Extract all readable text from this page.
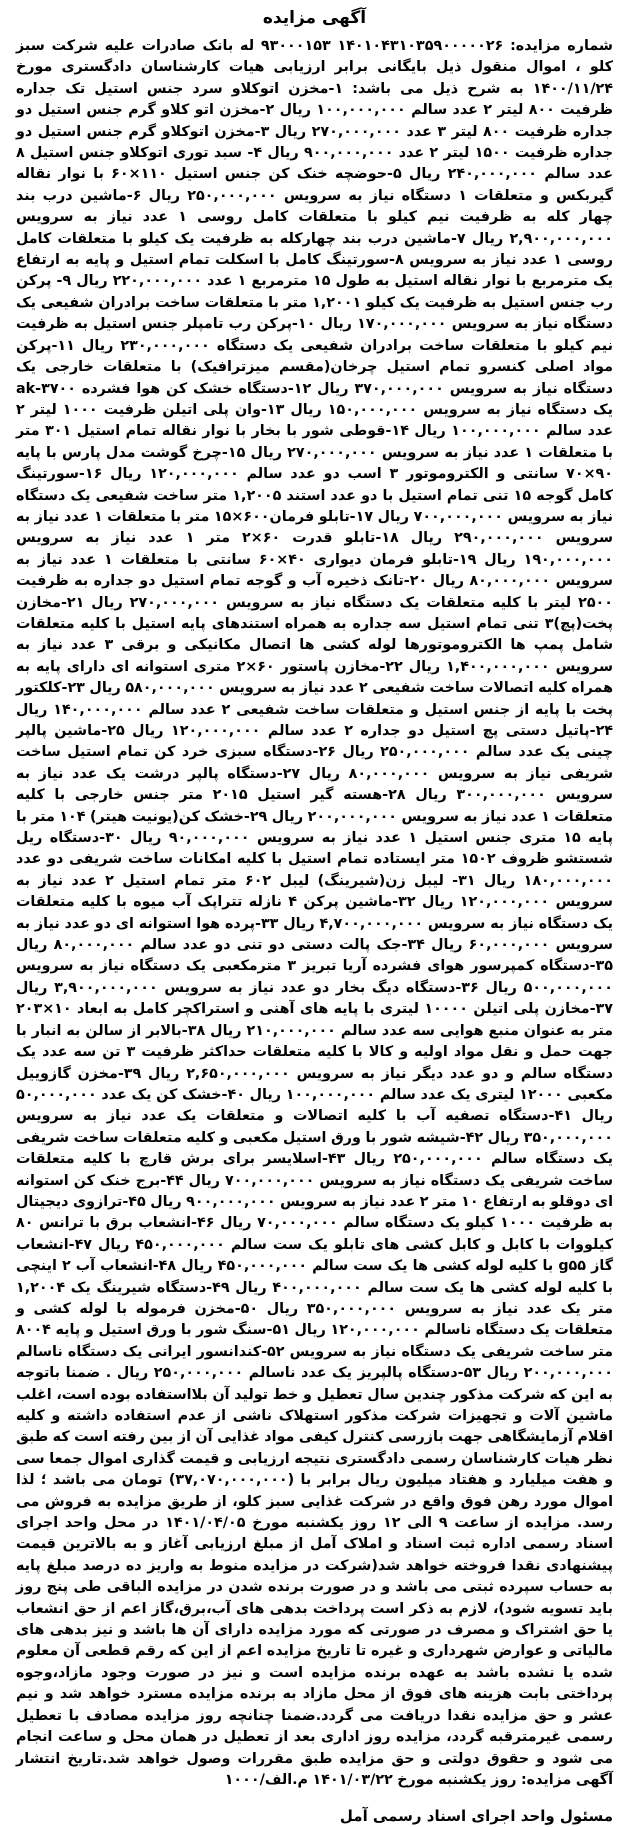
آگهی مزایده

شماره مزایده: ۱۴۰۱۰۴۳۱۰۳۵۹۰۰۰۰۰۲۶ ۹۳۰۰۰۱۵۳ له بانک صادرات علیه شرکت سبز کلو ، اموال منقول ذیل بایگانی برابر ارزیابی هیات کارشناسان دادگستری مورخ ۱۴۰۰/۱۱/۲۴ به شرح ذیل می باشد: ۱-مخزن اتوکلاو سرد جنس استیل تک جداره ظرفیت ۸۰۰ لیتر ۲ عدد سالم ۱۰۰,۰۰۰,۰۰۰ ریال ۲-مخزن اتو کلاو گرم جنس استیل دو جداره ظرفیت ۸۰۰ لیتر ۳ عدد ۲۷۰,۰۰۰,۰۰۰ ریال ۳-مخزن اتوکلاو گرم جنس استیل دو جداره ظرفیت ۱۵۰۰ لیتر ۲ عدد ۹۰۰,۰۰۰,۰۰۰ ریال ۴- سبد توری اتوکلاو جنس استیل ۸ عدد سالم ۲۴۰,۰۰۰,۰۰۰ ریال ۵-حوضچه خنک کن جنس استیل ۱۱۰×۶۰ با نوار نقاله گیربکس و متعلقات ۱ دستگاه نیاز به سرویس ۲۵۰,۰۰۰,۰۰۰ ریال ۶-ماشین درب بند چهار کله به ظرفیت نیم کیلو با متعلقات کامل روسی ۱ عدد نیاز به سرویس ۲,۹۰۰,۰۰۰,۰۰۰ ریال ۷-ماشین درب بند چهارکله به ظرفیت یک کیلو با متعلقات کامل روسی ۱ عدد نیاز به سرویس ۸-سورتینگ کامل با اسکلت تمام استیل و پایه به ارتفاع یک مترمربع با نوار نقاله استیل به طول ۱۵ مترمربع ۱ عدد ۲۲۰,۰۰۰,۰۰۰ ریال ۹- پرکن رب جنس استیل به ظرفیت یک کیلو ۱,۲۰۰۱ متر با متعلقات ساخت برادران شفیعی یک دستگاه نیاز به سرویس ۱۷۰,۰۰۰,۰۰۰ ریال ۱۰-پرکن رب تامپلر جنس استیل به ظرفیت نیم کیلو با متعلقات ساخت برادران شفیعی یک دستگاه ۲۳۰,۰۰۰,۰۰۰ ریال ۱۱-پرکن مواد اصلی کنسرو تمام استیل چرخان(مقسم میزترافیک) با متعلقات خارجی یک دستگاه نیاز به سرویس ۳۷۰,۰۰۰,۰۰۰ ریال ۱۲-دستگاه خشک کن هوا فشرده ۳۷۰۰-ak یک دستگاه نیاز به سرویس ۱۵۰,۰۰۰,۰۰۰ ریال ۱۳-وان پلی اتیلن ظرفیت ۱۰۰۰ لیتر ۲ عدد سالم ۱۰۰,۰۰۰,۰۰۰ ریال ۱۴-قوطی شور با بخار با نوار نقاله تمام استیل ۳۰۱ متر با متعلقات ۱ عدد نیاز به سرویس ۲۷۰,۰۰۰,۰۰۰ ریال ۱۵-چرخ گوشت مدل پارس با پایه ۹۰×۷۰ سانتی و الکتروموتور ۳ اسب دو عدد سالم ۱۲۰,۰۰۰,۰۰۰ ریال ۱۶-سورتینگ کامل گوجه ۱۵ تنی تمام استیل با دو عدد استند ۱,۲۰۰۵ متر ساخت شفیعی یک دستگاه نیاز به سرویس ۷۰۰,۰۰۰,۰۰۰ ریال ۱۷-تابلو فرمان۶۰۰×۱۵ متر با متعلقات ۱ عدد نیاز به سرویس ۲۹۰,۰۰۰,۰۰۰ ریال ۱۸-تابلو قدرت ۶۰×۲ متر ۱ عدد نیاز به سرویس ۱۹۰,۰۰۰,۰۰۰ ریال ۱۹-تابلو فرمان دیواری ۴۰×۶۰ سانتی با متعلقات ۱ عدد نیاز به سرویس ۸۰,۰۰۰,۰۰۰ ریال ۲۰-تانک ذخیره آب و گوجه تمام استیل دو جداره به ظرفیت ۲۵۰۰ لیتر با کلیه متعلقات یک دستگاه نیاز به سرویس ۲۷۰,۰۰۰,۰۰۰ ریال ۲۱-مخازن پخت(پچ)۳ تنی تمام استیل سه جداره به همراه استندهای پایه استیل با کلیه متعلقات شامل پمپ ها الکتروموتورها لوله کشی ها اتصال مکانیکی و برقی ۳ عدد نیاز به سرویس ۱,۴۰۰,۰۰۰,۰۰۰ ریال ۲۲-مخازن پاستور ۶۰×۲ متری استوانه ای دارای پایه به همراه کلیه اتصالات ساخت شفیعی ۲ عدد نیاز به سرویس ۵۸۰,۰۰۰,۰۰۰ ریال ۲۳-کلکتور پخت با پایه از جنس استیل و متعلقات ساخت شفیعی ۲ عدد سالم ۱۴۰,۰۰۰,۰۰۰ ریال ۲۴-پاتیل دستی پچ استیل دو جداره ۲ عدد سالم ۱۲۰,۰۰۰,۰۰۰ ریال ۲۵-ماشین پالپر چینی یک عدد سالم ۲۵۰,۰۰۰,۰۰۰ ریال ۲۶-دستگاه سبزی خرد کن تمام استیل ساخت شریفی نیاز به سرویس ۸۰,۰۰۰,۰۰۰ ریال ۲۷-دستگاه پالپر درشت یک عدد نیاز به سرویس ۳۰۰,۰۰۰,۰۰۰ ریال ۲۸-هسته گیر استیل ۲۰۱۵ متر جنس خارجی با کلیه متعلقات ۱ عدد نیاز به سرویس ۲۰۰,۰۰۰,۰۰۰ ریال ۲۹-خشک کن(یونیت هیتر) ۱۰۴ متر با پایه ۱۵ متری جنس استیل ۱ عدد نیاز به سرویس ۹۰,۰۰۰,۰۰۰ ریال ۳۰-دستگاه ریل شستشو ظروف ۱۵۰۲ متر ایستاده تمام استیل با کلیه امکانات ساخت شریفی دو عدد ۱۸۰,۰۰۰,۰۰۰ ریال ۳۱- لیبل زن(شیرینگ) لیبل ۶۰۲ متر تمام استیل ۲ عدد نیاز به سرویس ۱۲۰,۰۰۰,۰۰۰ ریال ۳۲-ماشین پرکن ۴ نازله تتراپک آب میوه با کلیه متعلقات یک دستگاه نیاز به سرویس ۴,۷۰۰,۰۰۰,۰۰۰ ریال ۳۳-پرده هوا استوانه ای دو عدد نیاز به سرویس ۶۰,۰۰۰,۰۰۰ ریال ۳۴-جک پالت دستی دو تنی دو عدد سالم ۸۰,۰۰۰,۰۰۰ ریال ۳۵-دستگاه کمپرسور هوای فشرده آریا تبریز ۳ مترمکعبی یک دستگاه نیاز به سرویس ۵۰۰,۰۰۰,۰۰۰ ریال ۳۶-دستگاه دیگ بخار دو عدد نیاز به سرویس ۳,۹۰۰,۰۰۰,۰۰۰ ریال ۳۷-مخازن پلی اتیلن ۱۰۰۰۰ لیتری با پایه های آهنی و استراکچر کامل به ابعاد ۱۰×۲۰۳ متر به عنوان منبع هوایی سه عدد سالم ۲۱۰,۰۰۰,۰۰۰ ریال ۳۸-بالابر از سالن به انبار با جهت حمل و نقل مواد اولیه و کالا با کلیه متعلقات حداکثر ظرفیت ۳ تن سه عدد یک دستگاه سالم و دو عدد دیگر نیاز به سرویس ۲,۶۵۰,۰۰۰,۰۰۰ ریال ۳۹-مخزن گازوییل مکعبی ۱۲۰۰۰ لیتری یک عدد سالم ۱۰۰,۰۰۰,۰۰۰ ریال ۴۰-خشک کن یک عدد ۵۰,۰۰۰,۰۰۰ ریال ۴۱-دستگاه تصفیه آب با کلیه اتصالات و متعلقات یک عدد نیاز به سرویس ۳۵۰,۰۰۰,۰۰۰ ریال ۴۲-شیشه شور با ورق استیل مکعبی و کلیه متعلقات ساخت شریفی یک دستگاه سالم ۲۵۰,۰۰۰,۰۰۰ ریال ۴۳-اسلایسر برای برش قارچ با کلیه متعلقات ساخت شریفی یک دستگاه نیاز به سرویس ۷۰۰,۰۰۰,۰۰۰ ریال ۴۴-برج خنک کن استوانه ای دوقلو به ارتفاع ۱۰ متر ۲ عدد نیاز به سرویس ۹۰۰,۰۰۰,۰۰۰ ریال ۴۵-ترازوی دیجیتال به ظرفیت ۱۰۰۰ کیلو یک دستگاه سالم ۷۰,۰۰۰,۰۰۰ ریال ۴۶-انشعاب برق با ترانس ۸۰ کیلووات با کابل و کابل کشی های تابلو یک ست سالم ۴۵۰,۰۰۰,۰۰۰ ریال ۴۷-انشعاب گاز g۵۵ با کلیه لوله کشی ها یک ست سالم ۴۵۰,۰۰۰,۰۰۰ ریال ۴۸-انشعاب آب ۲ اینچی با کلیه لوله کشی ها یک ست سالم ۴۰۰,۰۰۰,۰۰۰ ریال ۴۹-دستگاه شیرینگ یک ۱,۲۰۰۴ متر یک عدد نیاز به سرویس ۳۵۰,۰۰۰,۰۰۰ ریال ۵۰-مخزن فرموله با لوله کشی و متعلقات یک دستگاه ناسالم ۱۲۰,۰۰۰,۰۰۰ ریال ۵۱-سنگ شور با ورق استیل و پایه ۸۰۰۴ متر ساخت شریفی یک دستگاه نیاز به سرویس ۵۲-کندانسور ایرانی یک دستگاه ناسالم ۲۰۰,۰۰۰,۰۰۰ ریال ۵۳-دستگاه پالپریز یک عدد ناسالم ۲۵۰,۰۰۰,۰۰۰ ریال . ضمنا باتوجه به این که شرکت مذکور چندین سال تعطیل و خط تولید آن بلااستفاده بوده است، اغلب ماشین آلات و تجهیزات شرکت مذکور استهلاک ناشی از عدم استفاده داشته و کلیه اقلام آزمایشگاهی جهت بازرسی کنترل کیفی مواد غذایی آن از بین رفته است که طبق نظر هیات کارشناسان رسمی دادگستری نتیجه ارزیابی و قیمت گذاری اموال جمعا سی و هفت میلیارد و هفتاد میلیون ریال برابر با (۳۷,۰۷۰,۰۰۰,۰۰۰) تومان می باشد ؛ لذا اموال مورد رهن فوق واقع در شرکت غذایی سبز کلو، از طریق مزایده به فروش می رسد. مزایده از ساعت ۹ الی ۱۲ روز یکشنبه مورخ ۱۴۰۱/۰۴/۰۵ در محل واحد اجرای اسناد رسمی اداره ثبت اسناد و املاک آمل از مبلغ ارزیابی آغاز و به بالاترین قیمت پیشنهادی نقدا فروخته خواهد شد(شرکت در مزایده منوط به واریز ده درصد مبلغ پایه به حساب سپرده ثبتی می باشد و در صورت برنده شدن در مزایده الباقی طی پنج روز باید تسویه شود)، لازم به ذکر است پرداخت بدهی های آب،برق،گاز اعم از حق انشعاب یا حق اشتراک و مصرف در صورتی که مورد مزایده دارای آن ها باشد و نیز بدهی های مالیاتی و عوارض شهرداری و غیره تا تاریخ مزایده اعم از این که رقم قطعی آن معلوم شده یا نشده باشد به عهده برنده مزایده است و نیز در صورت وجود مازاد،وجوه پرداختی بابت هزینه های فوق از محل مازاد به برنده مزایده مسترد خواهد شد و نیم عشر و حق مزایده نقدا دریافت می گردد.ضمنا چنانچه روز مزایده مصادف با تعطیل رسمی غیرمترقبه گردد، مزایده روز اداری بعد از تعطیل در همان محل و ساعت انجام می شود و حقوق دولتی و حق مزایده طبق مقررات وصول خواهد شد.تاریخ انتشار آگهی مزایده: روز یکشنبه مورخ ۱۴۰۱/۰۳/۲۲ م.الف/۱۰۰۰

مسئول واحد اجرای اسناد رسمی آمل
